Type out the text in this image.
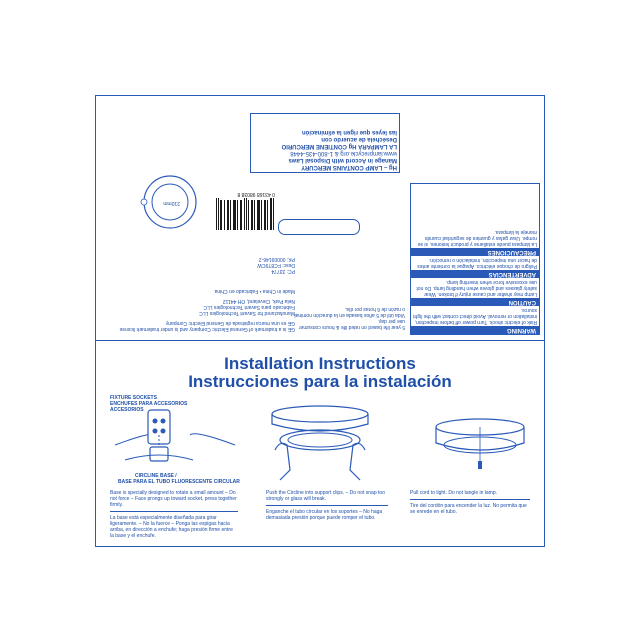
Hg – LAMP CONTAINS MERCURY
Manage in Accord with Disposal Laws
www.lamprecycle.org & 1-800-435-4448
LA LAMPARA Hg CONTIENE MERCURIO
Deséchela de acuerdo con
las leyes que rigen la eliminación
210mm
0 43168 98038 8
PC: 33774
Desc: FC8T9CW
PK: 00009146-2
GE is a trademark of General Electric Company and is under trademark license
GE es una marca registrada de General Electric Company
Manufactured for Savant Technologies LLC
Fabricado para Savant Technologies LLC
Nela Park, Cleveland, OH 44112
Made in China • Fabricado en China
5 year life based on rated life & hours consumer
use per day.
Vida útil de 5 años basada en la duración nominal
o razón de 6 horas por día.
WARNING
Risk of electric shock. Turn power off before inspection, installation or removal. Avoid direct contact with the light source.
CAUTION
Lamp may shatter and cause injury if broken. Wear safety glasses and gloves when handling lamp. Do not use excessive force when inserting lamp.
ADVERTENCIAS
Peligro de choque eléctrico. Apague la corriente antes de hacer una inspección, instalación o remoción.
PRECAUCIONES
La lámpara puede estallarse y producir lesiones, si se rompe. Usar gafas y guantes de seguridad cuando maneje la lámpara.
Installation Instructions
Instrucciones para la instalación
FIXTURE SOCKETS
ENCHUFES PARA ACCESORIOS
ACCESORIOS
CIRCLINE BASE /
BASE PARA EL TUBO FLUORESCENTE CIRCULAR
Base is specially designed to rotate a small amount – Do not force – Face prongs up toward socket, press together firmly.
La base está especialmente diseñada para girar ligeramente. – No la fuerce – Ponga las espigas hacia arriba, en dirección a enchufe; haga presión firme entre la base y el enchufe.
Push the Circline into support clips. – Do not snap too strongly or glass will break.
Enganche el tubo circular en los soportes – No haga demasiada presión porque puede romper el tubo.
Pull cord to light. Do not tangle in lamp.
Tire del cordón para encender la luz. No permita que se enrede en el tubo.
